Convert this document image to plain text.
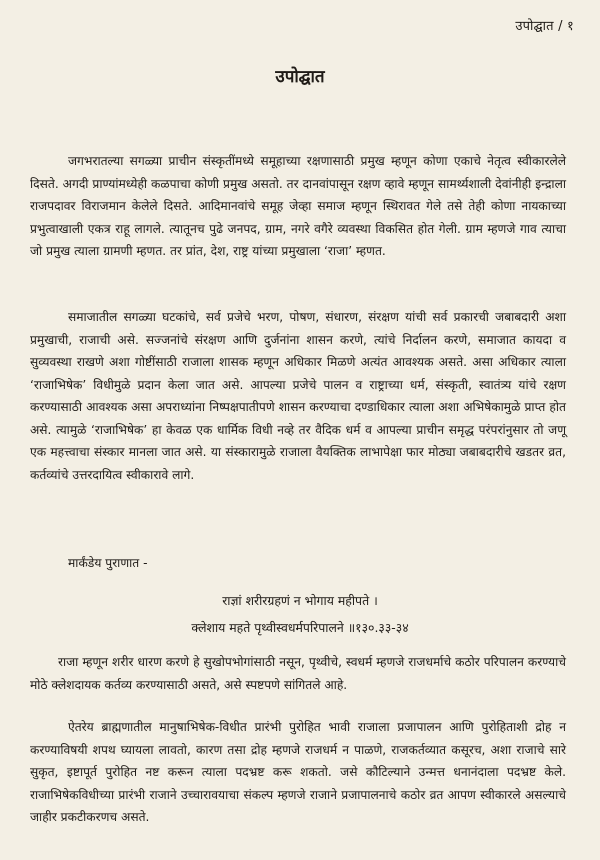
उपोद्घात / १
उपोद्घात

जगभरातल्या सगळ्या प्राचीन संस्कृतींमध्ये समूहाच्या रक्षणासाठी प्रमुख म्हणून कोणा एकाचे नेतृत्व स्वीकारलेले दिसते. अगदी प्राण्यांमध्येही कळपाचा कोणी प्रमुख असतो. तर दानवांपासून रक्षण व्हावे म्हणून सामर्थ्यशाली देवांनीही इन्द्राला राजपदावर विराजमान केलेले दिसते. आदिमानवांचे समूह जेव्हा समाज म्हणून स्थिरावत गेले तसे तेही कोणा नायकाच्या प्रभुत्वाखाली एकत्र राहू लागले. त्यातूनच पुढे जनपद, ग्राम, नगरे वगैरे व्यवस्था विकसित होत गेली. ग्राम म्हणजे गाव त्याचा जो प्रमुख त्याला ग्रामणी म्हणत. तर प्रांत, देश, राष्ट्र यांच्या प्रमुखाला ‘राजा’ म्हणत.

समाजातील सगळ्या घटकांचे, सर्व प्रजेचे भरण, पोषण, संधारण, संरक्षण यांची सर्व प्रकारची जबाबदारी अशा प्रमुखाची, राजाची असे. सज्जनांचे संरक्षण आणि दुर्जनांना शासन करणे, त्यांचे निर्दालन करणे, समाजात कायदा व सुव्यवस्था राखणे अशा गोष्टींसाठी राजाला शासक म्हणून अधिकार मिळणे अत्यंत आवश्यक असते. असा अधिकार त्याला ‘राजाभिषेक’ विधीमुळे प्रदान केला जात असे. आपल्या प्रजेचे पालन व राष्ट्राच्या धर्म, संस्कृती, स्वातंत्र्य यांचे रक्षण करण्यासाठी आवश्यक असा अपराध्यांना निष्पक्षपातीपणे शासन करण्याचा दण्डाधिकार त्याला अशा अभिषेकामुळे प्राप्त होत असे. त्यामुळे ‘राजाभिषेक’ हा केवळ एक धार्मिक विधी नव्हे तर वैदिक धर्म व आपल्या प्राचीन समृद्ध परंपरांनुसार तो जणू एक महत्त्वाचा संस्कार मानला जात असे. या संस्कारामुळे राजाला वैयक्तिक लाभापेक्षा फार मोठ्या जबाबदारीचे खडतर व्रत, कर्तव्यांचे उत्तरदायित्व स्वीकारावे लागे.

मार्कंडेय पुराणात -

राज्ञां शरीरग्रहणं न भोगाय महीपते ।
क्लेशाय महते पृथ्वीस्वधर्मपरिपालने ॥१३०.३३-३४

राजा म्हणून शरीर धारण करणे हे सुखोपभोगांसाठी नसून, पृथ्वीचे, स्वधर्म म्हणजे राजधर्माचे कठोर परिपालन करण्याचे मोठे क्लेशदायक कर्तव्य करण्यासाठी असते, असे स्पष्टपणे सांगितले आहे.

ऐतरेय ब्राह्मणातील मानुषाभिषेक-विधीत प्रारंभी पुरोहित भावी राजाला प्रजापालन आणि पुरोहिताशी द्रोह न करण्याविषयी शपथ घ्यायला लावतो, कारण तसा द्रोह म्हणजे राजधर्म न पाळणे, राजकर्तव्यात कसूरच, अशा राजाचे सारे सुकृत, इष्टापूर्त पुरोहित नष्ट करून त्याला पदभ्रष्ट करू शकतो. जसे कौटिल्याने उन्मत्त धनानंदाला पदभ्रष्ट केले. राजाभिषेकविधीच्या प्रारंभी राजाने उच्चारावयाचा संकल्प म्हणजे राजाने प्रजापालनाचे कठोर व्रत आपण स्वीकारले असल्याचे जाहीर प्रकटीकरणच असते.
